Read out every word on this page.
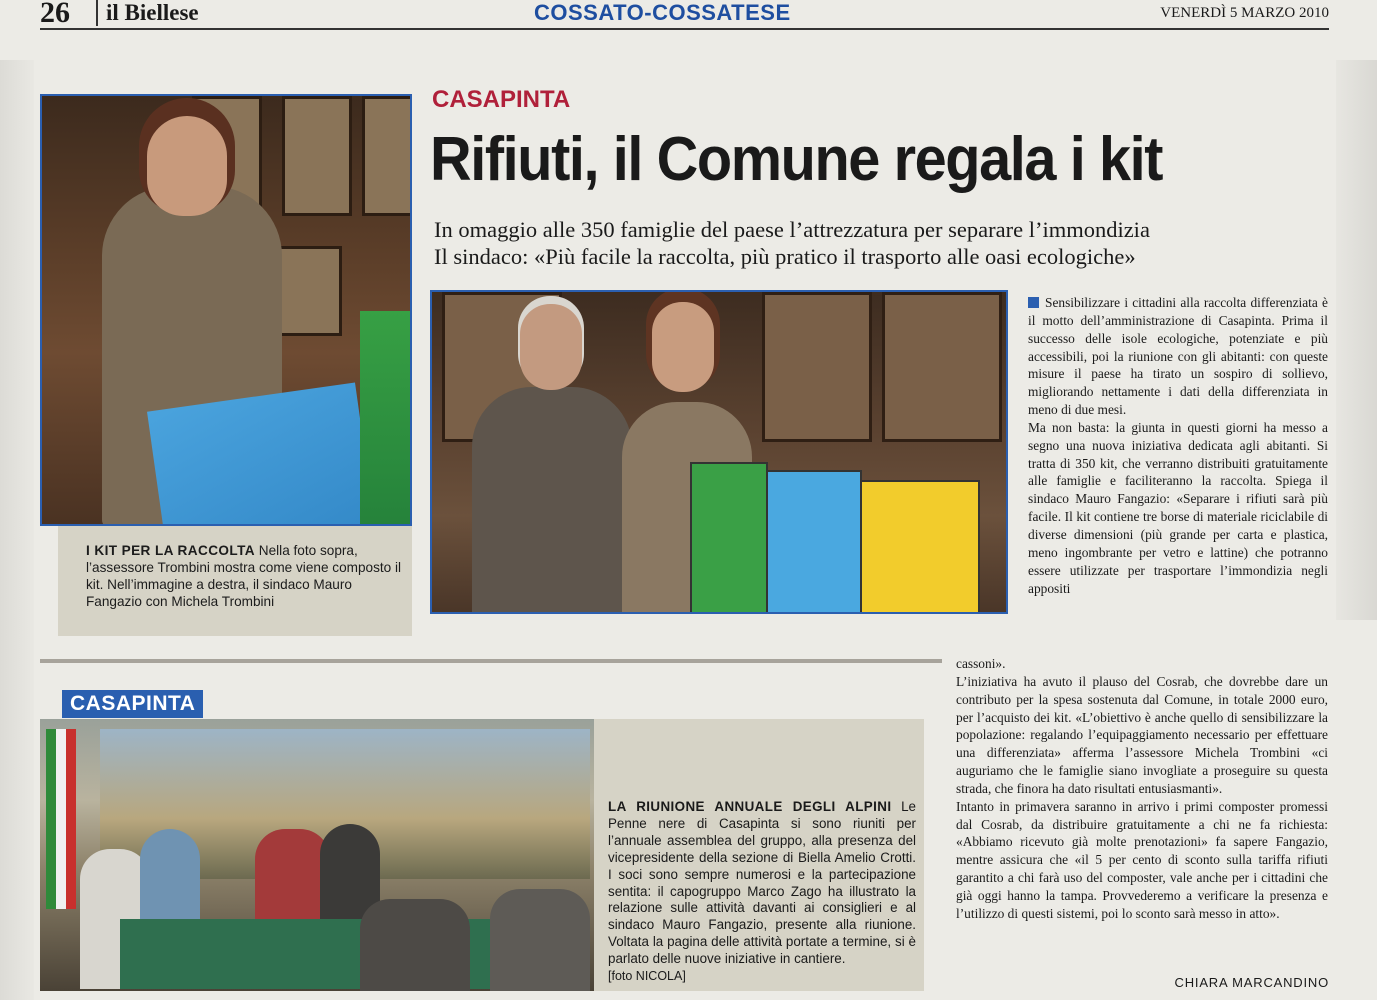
26	il Biellese	COSSATO-COSSATESE	VENERDÌ 5 MARZO 2010
I KIT PER LA RACCOLTA Nella foto sopra, l’assessore Trombini mostra come viene composto il kit. Nell’immagine a destra, il sindaco Mauro Fangazio con Michela Trombini
CASAPINTA
Rifiuti, il Comune regala i kit
In omaggio alle 350 famiglie del paese l’attrezzatura per separare l’immondizia
Il sindaco: «Più facile la raccolta, più pratico il trasporto alle oasi ecologiche»

Sensibilizzare i cittadini alla raccolta differenziata è il motto dell’amministrazione di Casapinta. Prima il successo delle isole ecologiche, potenziate e più accessibili, poi la riunione con gli abitanti: con queste misure il paese ha tirato un sospiro di sollievo, migliorando nettamente i dati della differenziata in meno di due mesi.

Ma non basta: la giunta in questi giorni ha messo a segno una nuova iniziativa dedicata agli abitanti. Si tratta di 350 kit, che verranno distribuiti gratuitamente alle famiglie e faciliteranno la raccolta. Spiega il sindaco Mauro Fangazio: «Separare i rifiuti sarà più facile. Il kit contiene tre borse di materiale riciclabile di diverse dimensioni (più grande per carta e plastica, meno ingombrante per vetro e lattine) che potranno essere utilizzate per trasportare l’immondizia negli appositi

cassoni».

L’iniziativa ha avuto il plauso del Cosrab, che dovrebbe dare un contributo per la spesa sostenuta dal Comune, in totale 2000 euro, per l’acquisto dei kit. «L’obiettivo è anche quello di sensibilizzare la popolazione: regalando l’equipaggiamento necessario per effettuare una differenziata» afferma l’assessore Michela Trombini «ci auguriamo che le famiglie siano invogliate a proseguire su questa strada, che finora ha dato risultati entusiasmanti».

Intanto in primavera saranno in arrivo i primi composter promessi dal Cosrab, da distribuire gratuitamente a chi ne fa richiesta: «Abbiamo ricevuto già molte prenotazioni» fa sapere Fangazio, mentre assicura che «il 5 per cento di sconto sulla tariffa rifiuti garantito a chi farà uso del composter, vale anche per i cittadini che già oggi hanno la tampa. Provvederemo a verificare la presenza e l’utilizzo di questi sistemi, poi lo sconto sarà messo in atto».

CHIARA MARCANDINO
CASAPINTA
LA RIUNIONE ANNUALE DEGLI ALPINI Le Penne nere di Casapinta si sono riuniti per l’annuale assemblea del gruppo, alla presenza del vicepresidente della sezione di Biella Amelio Crotti. I soci sono sempre numerosi e la partecipazione sentita: il capogruppo Marco Zago ha illustrato la relazione sulle attività davanti ai consiglieri e al sindaco Mauro Fangazio, presente alla riunione. Voltata la pagina delle attività portate a termine, si è parlato delle nuove iniziative in cantiere.
[foto NICOLA]
